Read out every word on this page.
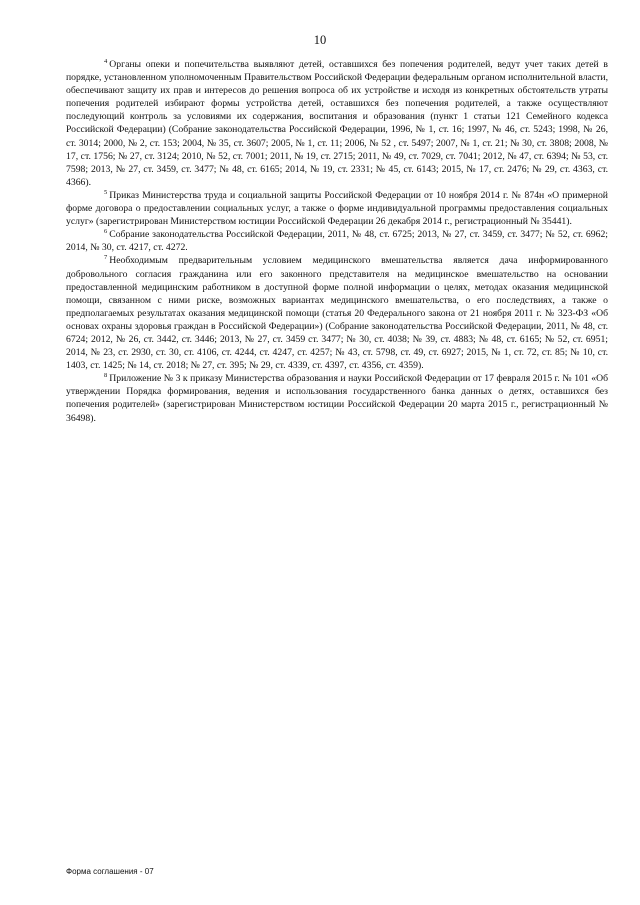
10

$^4$ Органы опеки и попечительства выявляют детей, оставшихся без попечения родителей, ведут учет таких детей в порядке, установленном уполномоченным Правительством Российской Федерации федеральным органом исполнительной власти, обеспечивают защиту их прав и интересов до решения вопроса об их устройстве и исходя из конкретных обстоятельств утраты попечения родителей избирают формы устройства детей, оставшихся без попечения родителей, а также осуществляют последующий контроль за условиями их содержания, воспитания и образования (пункт 1 статьи 121 Семейного кодекса Российской Федерации) (Собрание законодательства Российской Федерации, 1996, № 1, ст. 16; 1997, № 46, ст. 5243; 1998, № 26, ст. 3014; 2000, № 2, ст. 153; 2004, № 35, ст. 3607; 2005, № 1, ст. 11; 2006, № 52 , ст. 5497; 2007, № 1, ст. 21; № 30, ст. 3808; 2008, № 17, ст. 1756; № 27, ст. 3124; 2010, № 52, ст. 7001; 2011, № 19, ст. 2715; 2011, № 49, ст. 7029, ст. 7041; 2012, № 47, ст. 6394; № 53, ст. 7598; 2013, № 27, ст. 3459, ст. 3477; № 48, ст. 6165; 2014, № 19, ст. 2331; № 45, ст. 6143; 2015, № 17, ст. 2476; № 29, ст. 4363, ст. 4366).

$^5$ Приказ Министерства труда и социальной защиты Российской Федерации от 10 ноября 2014 г. № 874н «О примерной форме договора о предоставлении социальных услуг, а также о форме индивидуальной программы предоставления социальных услуг» (зарегистрирован Министерством юстиции Российской Федерации 26 декабря 2014 г., регистрационный № 35441).

$^6$ Собрание законодательства Российской Федерации, 2011, № 48, ст. 6725; 2013, № 27, ст. 3459, ст. 3477; № 52, ст. 6962; 2014, № 30, ст. 4217, ст. 4272.

$^7$ Необходимым предварительным условием медицинского вмешательства является дача информированного добровольного согласия гражданина или его законного представителя на медицинское вмешательство на основании предоставленной медицинским работником в доступной форме полной информации о целях, методах оказания медицинской помощи, связанном с ними риске, возможных вариантах медицинского вмешательства, о его последствиях, а также о предполагаемых результатах оказания медицинской помощи (статья 20 Федерального закона от 21 ноября 2011 г. № 323-ФЗ «Об основах охраны здоровья граждан в Российской Федерации») (Собрание законодательства Российской Федерации, 2011, № 48, ст. 6724; 2012, № 26, ст. 3442, ст. 3446; 2013, № 27, ст. 3459 ст. 3477; № 30, ст. 4038; № 39, ст. 4883; № 48, ст. 6165; № 52, ст. 6951; 2014, № 23, ст. 2930, ст. 30, ст. 4106, ст. 4244, ст. 4247, ст. 4257; № 43, ст. 5798, ст. 49, ст. 6927; 2015, № 1, ст. 72, ст. 85; № 10, ст. 1403, ст. 1425; № 14, ст. 2018; № 27, ст. 395; № 29, ст. 4339, ст. 4397, ст. 4356, ст. 4359).

$^8$ Приложение № 3 к приказу Министерства образования и науки Российской Федерации от 17 февраля 2015 г. № 101 «Об утверждении Порядка формирования, ведения и использования государственного банка данных о детях, оставшихся без попечения родителей» (зарегистрирован Министерством юстиции Российской Федерации 20 марта 2015 г., регистрационный № 36498).

Форма соглашения - 07
